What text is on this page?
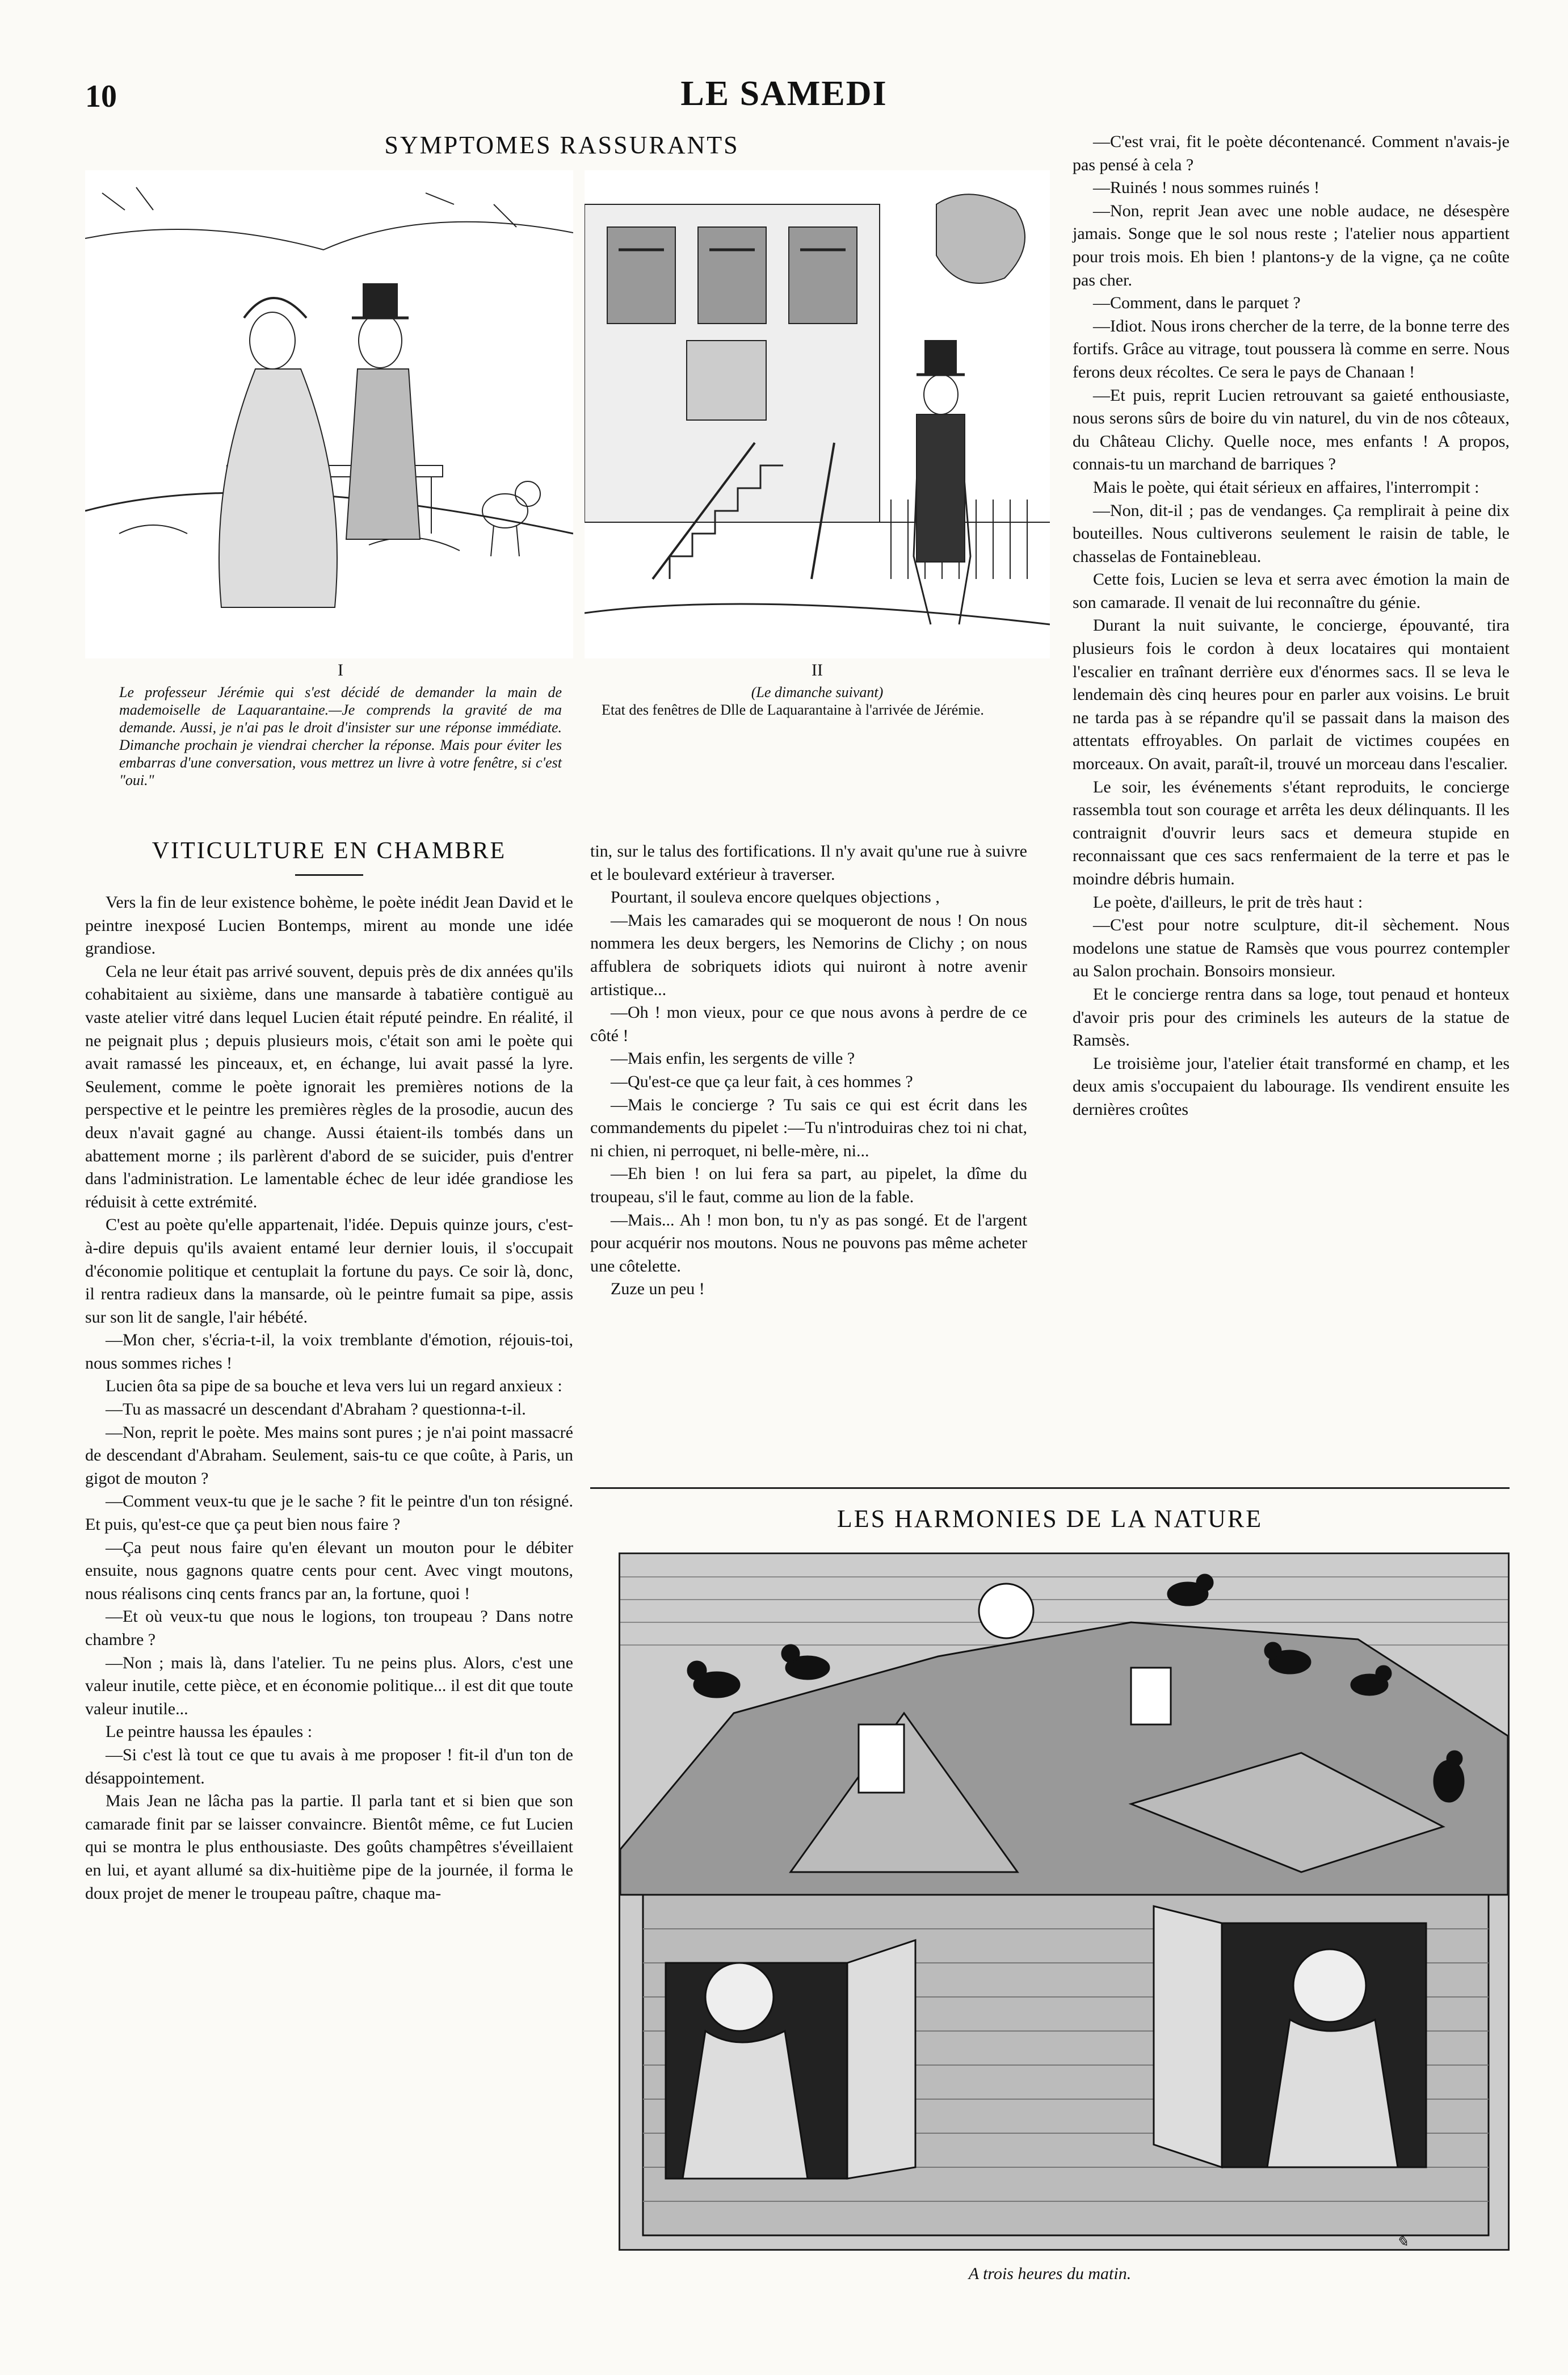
10	LE SAMEDI
SYMPTOMES RASSURANTS
I
Le professeur Jérémie qui s'est décidé de demander la main de mademoiselle de Laquarantaine.—Je comprends la gravité de ma demande. Aussi, je n'ai pas le droit d'insister sur une réponse immédiate. Dimanche prochain je viendrai chercher la réponse. Mais pour éviter les embarras d'une conversation, vous mettrez un livre à votre fenêtre, si c'est "oui."
II
(Le dimanche suivant)
Etat des fenêtres de Dlle de Laquarantaine à l'arrivée de Jérémie.
VITICULTURE EN CHAMBRE

Vers la fin de leur existence bohème, le poète inédit Jean David et le peintre inexposé Lucien Bontemps, mirent au monde une idée grandiose.

Cela ne leur était pas arrivé souvent, depuis près de dix années qu'ils cohabitaient au sixième, dans une mansarde à tabatière contiguë au vaste atelier vitré dans lequel Lucien était réputé peindre. En réalité, il ne peignait plus ; depuis plusieurs mois, c'était son ami le poète qui avait ramassé les pinceaux, et, en échange, lui avait passé la lyre. Seulement, comme le poète ignorait les premières notions de la perspective et le peintre les premières règles de la prosodie, aucun des deux n'avait gagné au change. Aussi étaient-ils tombés dans un abattement morne ; ils parlèrent d'abord de se suicider, puis d'entrer dans l'administration. Le lamentable échec de leur idée grandiose les réduisit à cette extrémité.

C'est au poète qu'elle appartenait, l'idée. Depuis quinze jours, c'est-à-dire depuis qu'ils avaient entamé leur dernier louis, il s'occupait d'économie politique et centuplait la fortune du pays. Ce soir là, donc, il rentra radieux dans la mansarde, où le peintre fumait sa pipe, assis sur son lit de sangle, l'air hébété.

—Mon cher, s'écria-t-il, la voix tremblante d'émotion, réjouis-toi, nous sommes riches !

Lucien ôta sa pipe de sa bouche et leva vers lui un regard anxieux :

—Tu as massacré un descendant d'Abraham ? questionna-t-il.

—Non, reprit le poète. Mes mains sont pures ; je n'ai point massacré de descendant d'Abraham. Seulement, sais-tu ce que coûte, à Paris, un gigot de mouton ?

—Comment veux-tu que je le sache ? fit le peintre d'un ton résigné. Et puis, qu'est-ce que ça peut bien nous faire ?

—Ça peut nous faire qu'en élevant un mouton pour le débiter ensuite, nous gagnons quatre cents pour cent. Avec vingt moutons, nous réalisons cinq cents francs par an, la fortune, quoi !

—Et où veux-tu que nous le logions, ton troupeau ? Dans notre chambre ?

—Non ; mais là, dans l'atelier. Tu ne peins plus. Alors, c'est une valeur inutile, cette pièce, et en économie politique... il est dit que toute valeur inutile...

Le peintre haussa les épaules :

—Si c'est là tout ce que tu avais à me proposer ! fit-il d'un ton de désappointement.

Mais Jean ne lâcha pas la partie. Il parla tant et si bien que son camarade finit par se laisser convaincre. Bientôt même, ce fut Lucien qui se montra le plus enthousiaste. Des goûts champêtres s'éveillaient en lui, et ayant allumé sa dix-huitième pipe de la journée, il forma le doux projet de mener le troupeau paître, chaque ma-

tin, sur le talus des fortifications. Il n'y avait qu'une rue à suivre et le boulevard extérieur à traverser.

Pourtant, il souleva encore quelques objections ,

—Mais les camarades qui se moqueront de nous ! On nous nommera les deux bergers, les Nemorins de Clichy ; on nous affublera de sobriquets idiots qui nuiront à notre avenir artistique...

—Oh ! mon vieux, pour ce que nous avons à perdre de ce côté !

—Mais enfin, les sergents de ville ?

—Qu'est-ce que ça leur fait, à ces hommes ?

—Mais le concierge ? Tu sais ce qui est écrit dans les commandements du pipelet :—Tu n'introduiras chez toi ni chat, ni chien, ni perroquet, ni belle-mère, ni...

—Eh bien ! on lui fera sa part, au pipelet, la dîme du troupeau, s'il le faut, comme au lion de la fable.

—Mais... Ah ! mon bon, tu n'y as pas songé. Et de l'argent pour acquérir nos moutons. Nous ne pouvons pas même acheter une côtelette.

Zuze un peu !

—C'est vrai, fit le poète décontenancé. Comment n'avais-je pas pensé à cela ?

—Ruinés ! nous sommes ruinés !

—Non, reprit Jean avec une noble audace, ne désespère jamais. Songe que le sol nous reste ; l'atelier nous appartient pour trois mois. Eh bien ! plantons-y de la vigne, ça ne coûte pas cher.

—Comment, dans le parquet ?

—Idiot. Nous irons chercher de la terre, de la bonne terre des fortifs. Grâce au vitrage, tout poussera là comme en serre. Nous ferons deux récoltes. Ce sera le pays de Chanaan !

—Et puis, reprit Lucien retrouvant sa gaieté enthousiaste, nous serons sûrs de boire du vin naturel, du vin de nos côteaux, du Château Clichy. Quelle noce, mes enfants ! A propos, connais-tu un marchand de barriques ?

Mais le poète, qui était sérieux en affaires, l'interrompit :

—Non, dit-il ; pas de vendanges. Ça remplirait à peine dix bouteilles. Nous cultiverons seulement le raisin de table, le chasselas de Fontainebleau.

Cette fois, Lucien se leva et serra avec émotion la main de son camarade. Il venait de lui reconnaître du génie.

Durant la nuit suivante, le concierge, épouvanté, tira plusieurs fois le cordon à deux locataires qui montaient l'escalier en traînant derrière eux d'énormes sacs. Il se leva le lendemain dès cinq heures pour en parler aux voisins. Le bruit ne tarda pas à se répandre qu'il se passait dans la maison des attentats effroyables. On parlait de victimes coupées en morceaux. On avait, paraît-il, trouvé un morceau dans l'escalier.

Le soir, les événements s'étant reproduits, le concierge rassembla tout son courage et arrêta les deux délinquants. Il les contraignit d'ouvrir leurs sacs et demeura stupide en reconnaissant que ces sacs renfermaient de la terre et pas le moindre débris humain.

Le poète, d'ailleurs, le prit de très haut :

—C'est pour notre sculpture, dit-il sèchement. Nous modelons une statue de Ramsès que vous pourrez contempler au Salon prochain. Bonsoirs monsieur.

Et le concierge rentra dans sa loge, tout penaud et honteux d'avoir pris pour des criminels les auteurs de la statue de Ramsès.

Le troisième jour, l'atelier était transformé en champ, et les deux amis s'occupaient du labourage. Ils vendirent ensuite les dernières croûtes

LES HARMONIES DE LA NATURE
✎
A trois heures du matin.
